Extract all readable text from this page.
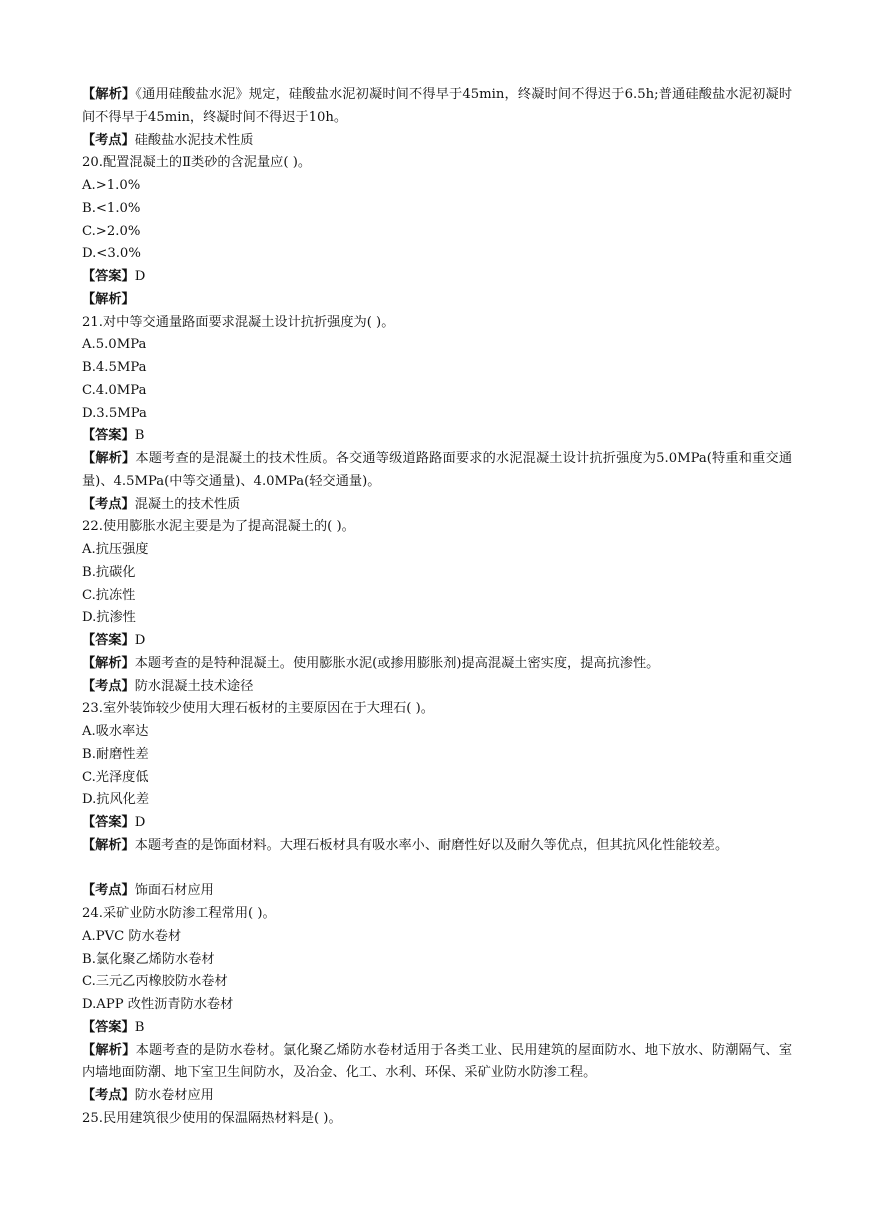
【解析】《通用硅酸盐水泥》规定，硅酸盐水泥初凝时间不得早于45min，终凝时间不得迟于6.5h;普通硅酸盐水泥初凝时间不得早于45min，终凝时间不得迟于10h。
【考点】硅酸盐水泥技术性质
20.配置混凝土的Ⅱ类砂的含泥量应( )。
A.>1.0%
B.<1.0%
C.>2.0%
D.<3.0%
【答案】D
【解析】
21.对中等交通量路面要求混凝土设计抗折强度为( )。
A.5.0MPa
B.4.5MPa
C.4.0MPa
D.3.5MPa
【答案】B
【解析】本题考查的是混凝土的技术性质。各交通等级道路路面要求的水泥混凝土设计抗折强度为5.0MPa(特重和重交通量)、4.5MPa(中等交通量)、4.0MPa(轻交通量)。
【考点】混凝土的技术性质
22.使用膨胀水泥主要是为了提高混凝土的( )。
A.抗压强度
B.抗碳化
C.抗冻性
D.抗渗性
【答案】D
【解析】本题考查的是特种混凝土。使用膨胀水泥(或掺用膨胀剂)提高混凝土密实度，提高抗渗性。
【考点】防水混凝土技术途径
23.室外装饰较少使用大理石板材的主要原因在于大理石( )。
A.吸水率达
B.耐磨性差
C.光泽度低
D.抗风化差
【答案】D
【解析】本题考查的是饰面材料。大理石板材具有吸水率小、耐磨性好以及耐久等优点，但其抗风化性能较差。
【考点】饰面石材应用
24.采矿业防水防渗工程常用( )。
A.PVC 防水卷材
B.氯化聚乙烯防水卷材
C.三元乙丙橡胶防水卷材
D.APP 改性沥青防水卷材
【答案】B
【解析】本题考查的是防水卷材。氯化聚乙烯防水卷材适用于各类工业、民用建筑的屋面防水、地下放水、防潮隔气、室内墙地面防潮、地下室卫生间防水，及冶金、化工、水利、环保、采矿业防水防渗工程。
【考点】防水卷材应用
25.民用建筑很少使用的保温隔热材料是( )。
